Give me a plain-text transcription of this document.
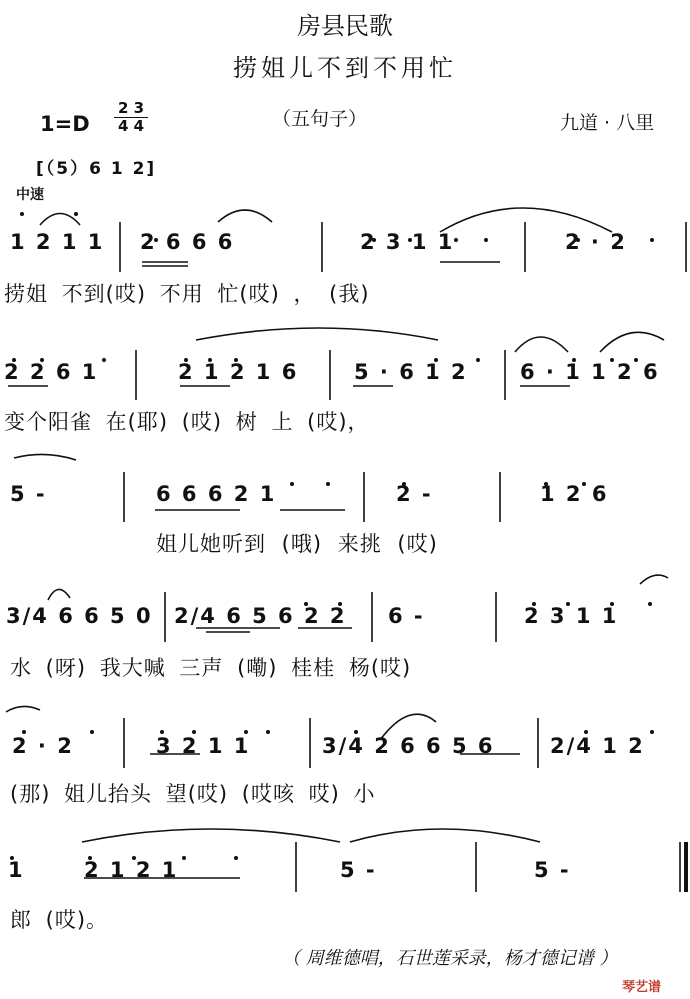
房县民歌
捞姐儿不到不用忙
1=D
2 3
4 4	（五句子）	九道 · 八里
[（5）6 1 2]
中速
1 2 1 1 2 6 6 6	2 3 1 1	2 · 2
捞姐 不到(哎) 不用 忙(哎) ， (我)
2 2 6 1	2 1 2 1 6	5 · 6 1 2 6 · 1 1 2 6
变个阳雀 在(耶) (哎) 树 上 (哎)，
5 -	6 6 6 2 1	2 -	1 2 6
姐儿她听到 (哦) 来挑 (哎)
3/4 6 6 5 0 2/4 6 5 6 2 2 6 -	2 3 1 1
水 (呀) 我大喊 三声 (嘞) 桂桂 杨(哎)
2 · 2	3 2 1 1	3/4 2 6 6 5 6	2/4 1 2
(那) 姐儿抬头 望(哎) (哎咳 哎) 小
1	2 1 2 1	5 -	5 -
郎 (哎)。
（ 周维德唱，石世莲采录，杨才德记谱 ）
琴艺谱
